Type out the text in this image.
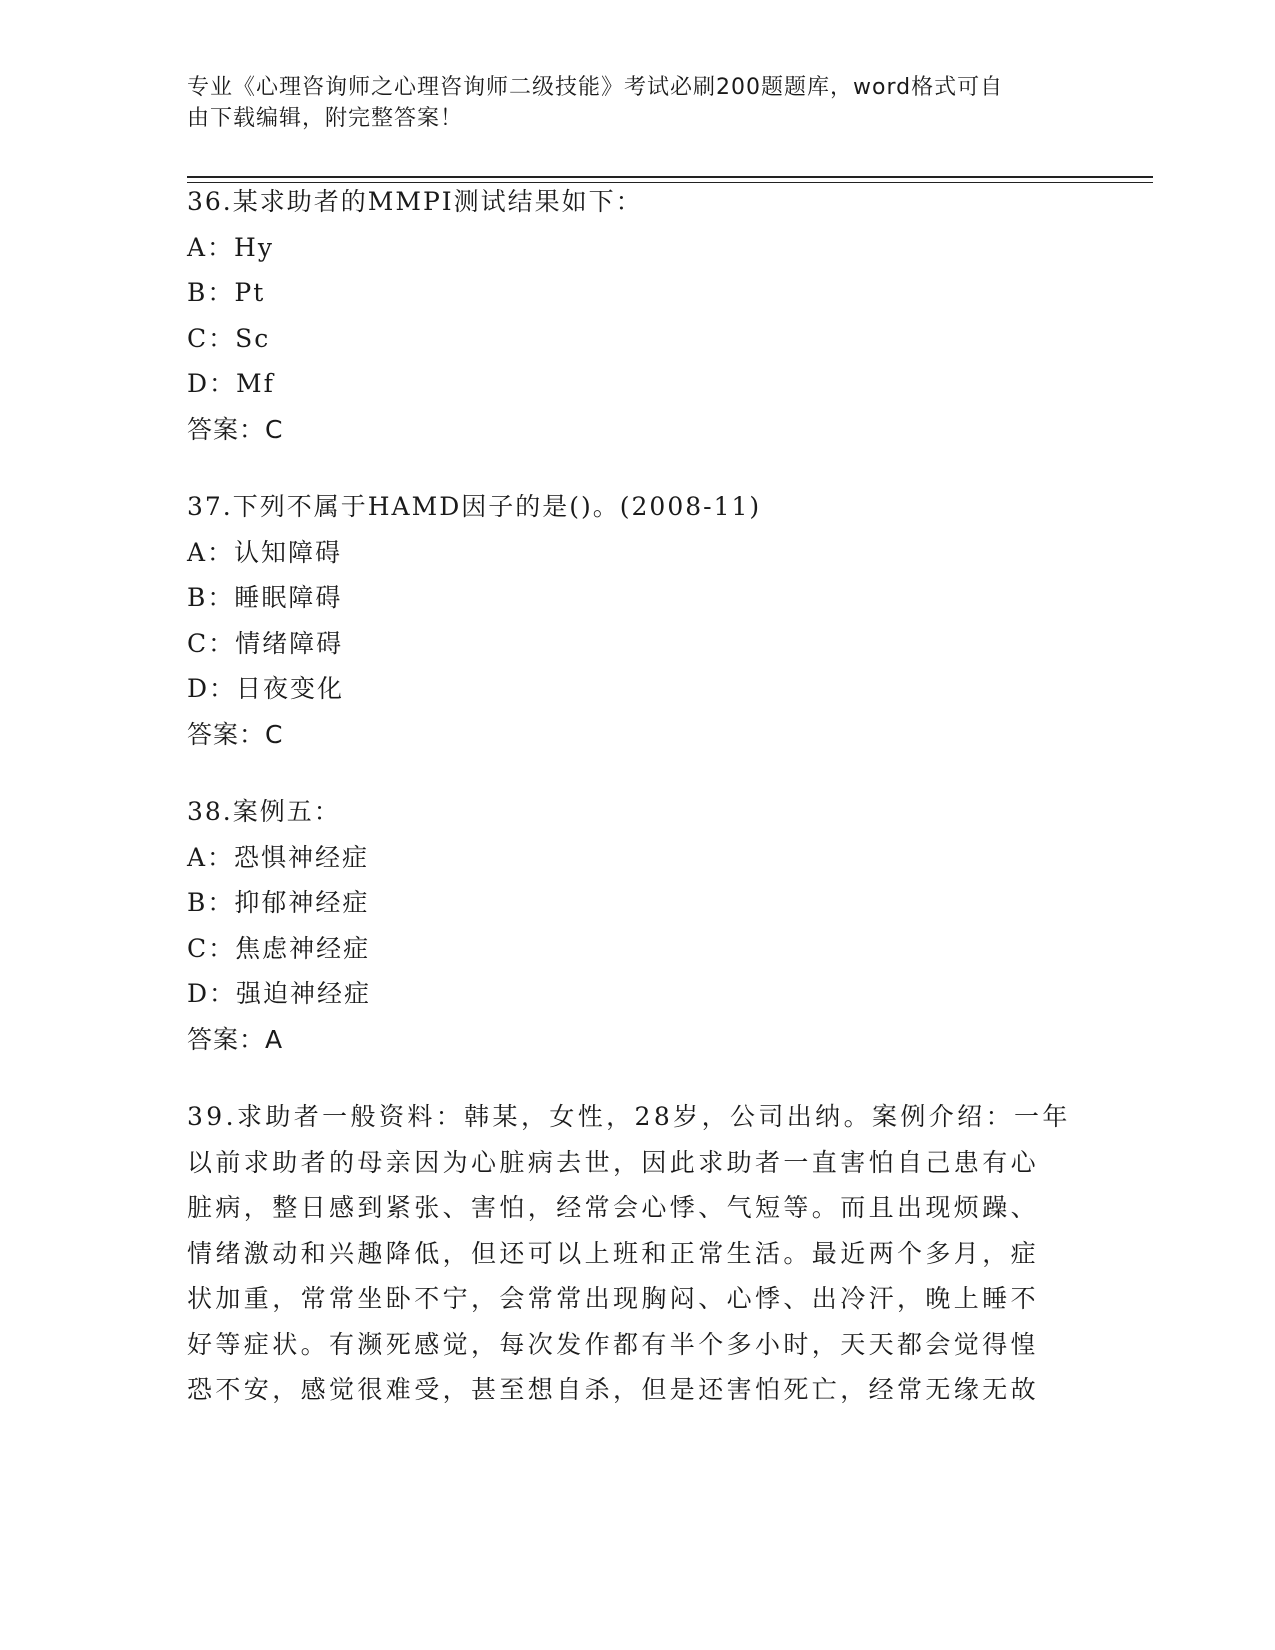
专业《心理咨询师之心理咨询师二级技能》考试必刷200题题库，word格式可自
由下载编辑，附完整答案！
36.某求助者的MMPI测试结果如下：
A：Hy
B：Pt
C：Sc
D：Mf
答案：C
37.下列不属于HAMD因子的是()。(2008-11)
A：认知障碍
B：睡眠障碍
C：情绪障碍
D：日夜变化
答案：C
38.案例五：
A：恐惧神经症
B：抑郁神经症
C：焦虑神经症
D：强迫神经症
答案：A
39.求助者一般资料：韩某，女性，28岁，公司出纳。案例介绍：一年
以前求助者的母亲因为心脏病去世，因此求助者一直害怕自己患有心
脏病，整日感到紧张、害怕，经常会心悸、气短等。而且出现烦躁、
情绪激动和兴趣降低，但还可以上班和正常生活。最近两个多月，症
状加重，常常坐卧不宁，会常常出现胸闷、心悸、出冷汗，晚上睡不
好等症状。有濒死感觉，每次发作都有半个多小时，天天都会觉得惶
恐不安，感觉很难受，甚至想自杀，但是还害怕死亡，经常无缘无故
